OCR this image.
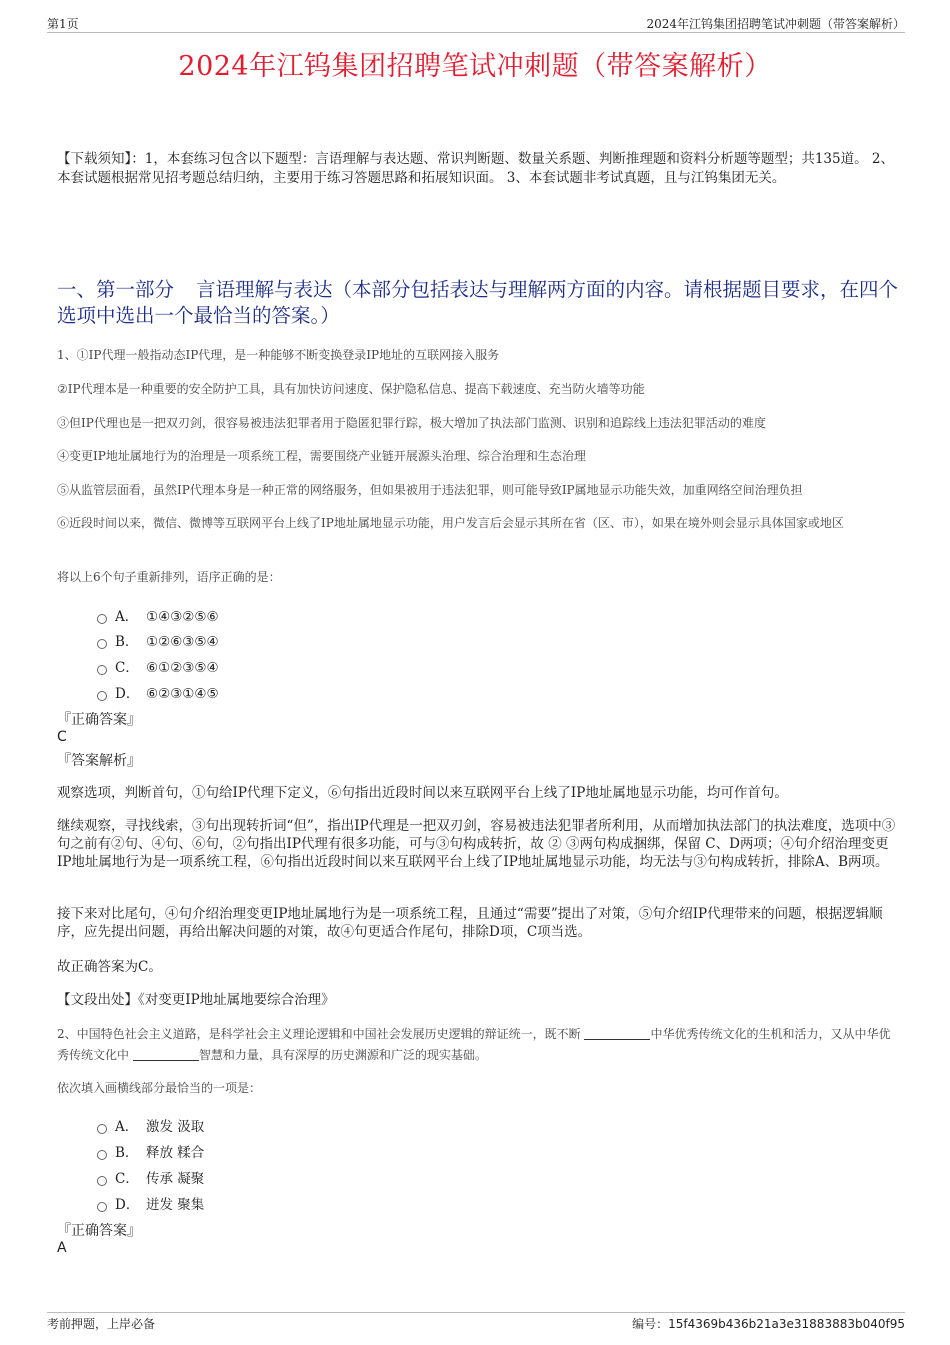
第1页	2024年江钨集团招聘笔试冲刺题（带答案解析）
2024年江钨集团招聘笔试冲刺题（带答案解析）
【下载须知】：1，本套练习包含以下题型：言语理解与表达题、常识判断题、数量关系题、判断推理题和资料分析题等题型；共135道。 2、本套试题根据常见招考题总结归纳，主要用于练习答题思路和拓展知识面。 3、本套试题非考试真题，且与江钨集团无关。
一、第一部分 言语理解与表达（本部分包括表达与理解两方面的内容。请根据题目要求，在四个选项中选出一个最恰当的答案。）
1、①IP代理一般指动态IP代理，是一种能够不断变换登录IP地址的互联网接入服务
②IP代理本是一种重要的安全防护工具，具有加快访问速度、保护隐私信息、提高下载速度、充当防火墙等功能
③但IP代理也是一把双刃剑，很容易被违法犯罪者用于隐匿犯罪行踪，极大增加了执法部门监测、识别和追踪线上违法犯罪活动的难度
④变更IP地址属地行为的治理是一项系统工程，需要围绕产业链开展源头治理、综合治理和生态治理
⑤从监管层面看，虽然IP代理本身是一种正常的网络服务，但如果被用于违法犯罪，则可能导致IP属地显示功能失效，加重网络空间治理负担
⑥近段时间以来，微信、微博等互联网平台上线了IP地址属地显示功能，用户发言后会显示其所在省（区、市），如果在境外则会显示具体国家或地区
将以上6个句子重新排列，语序正确的是：
A． ①④③②⑤⑥
B． ①②⑥③⑤④
C． ⑥①②③⑤④
D． ⑥②③①④⑤
『正确答案』
C
『答案解析』
观察选项，判断首句，①句给IP代理下定义，⑥句指出近段时间以来互联网平台上线了IP地址属地显示功能，均可作首句。
继续观察，寻找线索，③句出现转折词“但”，指出IP代理是一把双刃剑，容易被违法犯罪者所利用，从而增加执法部门的执法难度，选项中③句之前有②句、④句、⑥句，②句指出IP代理有很多功能，可与③句构成转折，故 ② ③两句构成捆绑，保留 C、D两项；④句介绍治理变更IP地址属地行为是一项系统工程，⑥句指出近段时间以来互联网平台上线了IP地址属地显示功能，均无法与③句构成转折，排除A、B两项。
接下来对比尾句，④句介绍治理变更IP地址属地行为是一项系统工程，且通过“需要”提出了对策，⑤句介绍IP代理带来的问题，根据逻辑顺序，应先提出问题，再给出解决问题的对策，故④句更适合作尾句，排除D项，C项当选。
故正确答案为C。
【文段出处】《对变更IP地址属地要综合治理》
2、中国特色社会主义道路，是科学社会主义理论逻辑和中国社会发展历史逻辑的辩证统一，既不断	中华优秀传统文化的生机和活力，又从中华优秀传统文化中	智慧和力量，具有深厚的历史渊源和广泛的现实基础。
依次填入画横线部分最恰当的一项是：
A． 激发 汲取
B． 释放 糅合
C． 传承 凝聚
D． 迸发 聚集
『正确答案』
A
考前押题，上岸必备	编号：15f4369b436b21a3e31883883b040f95
